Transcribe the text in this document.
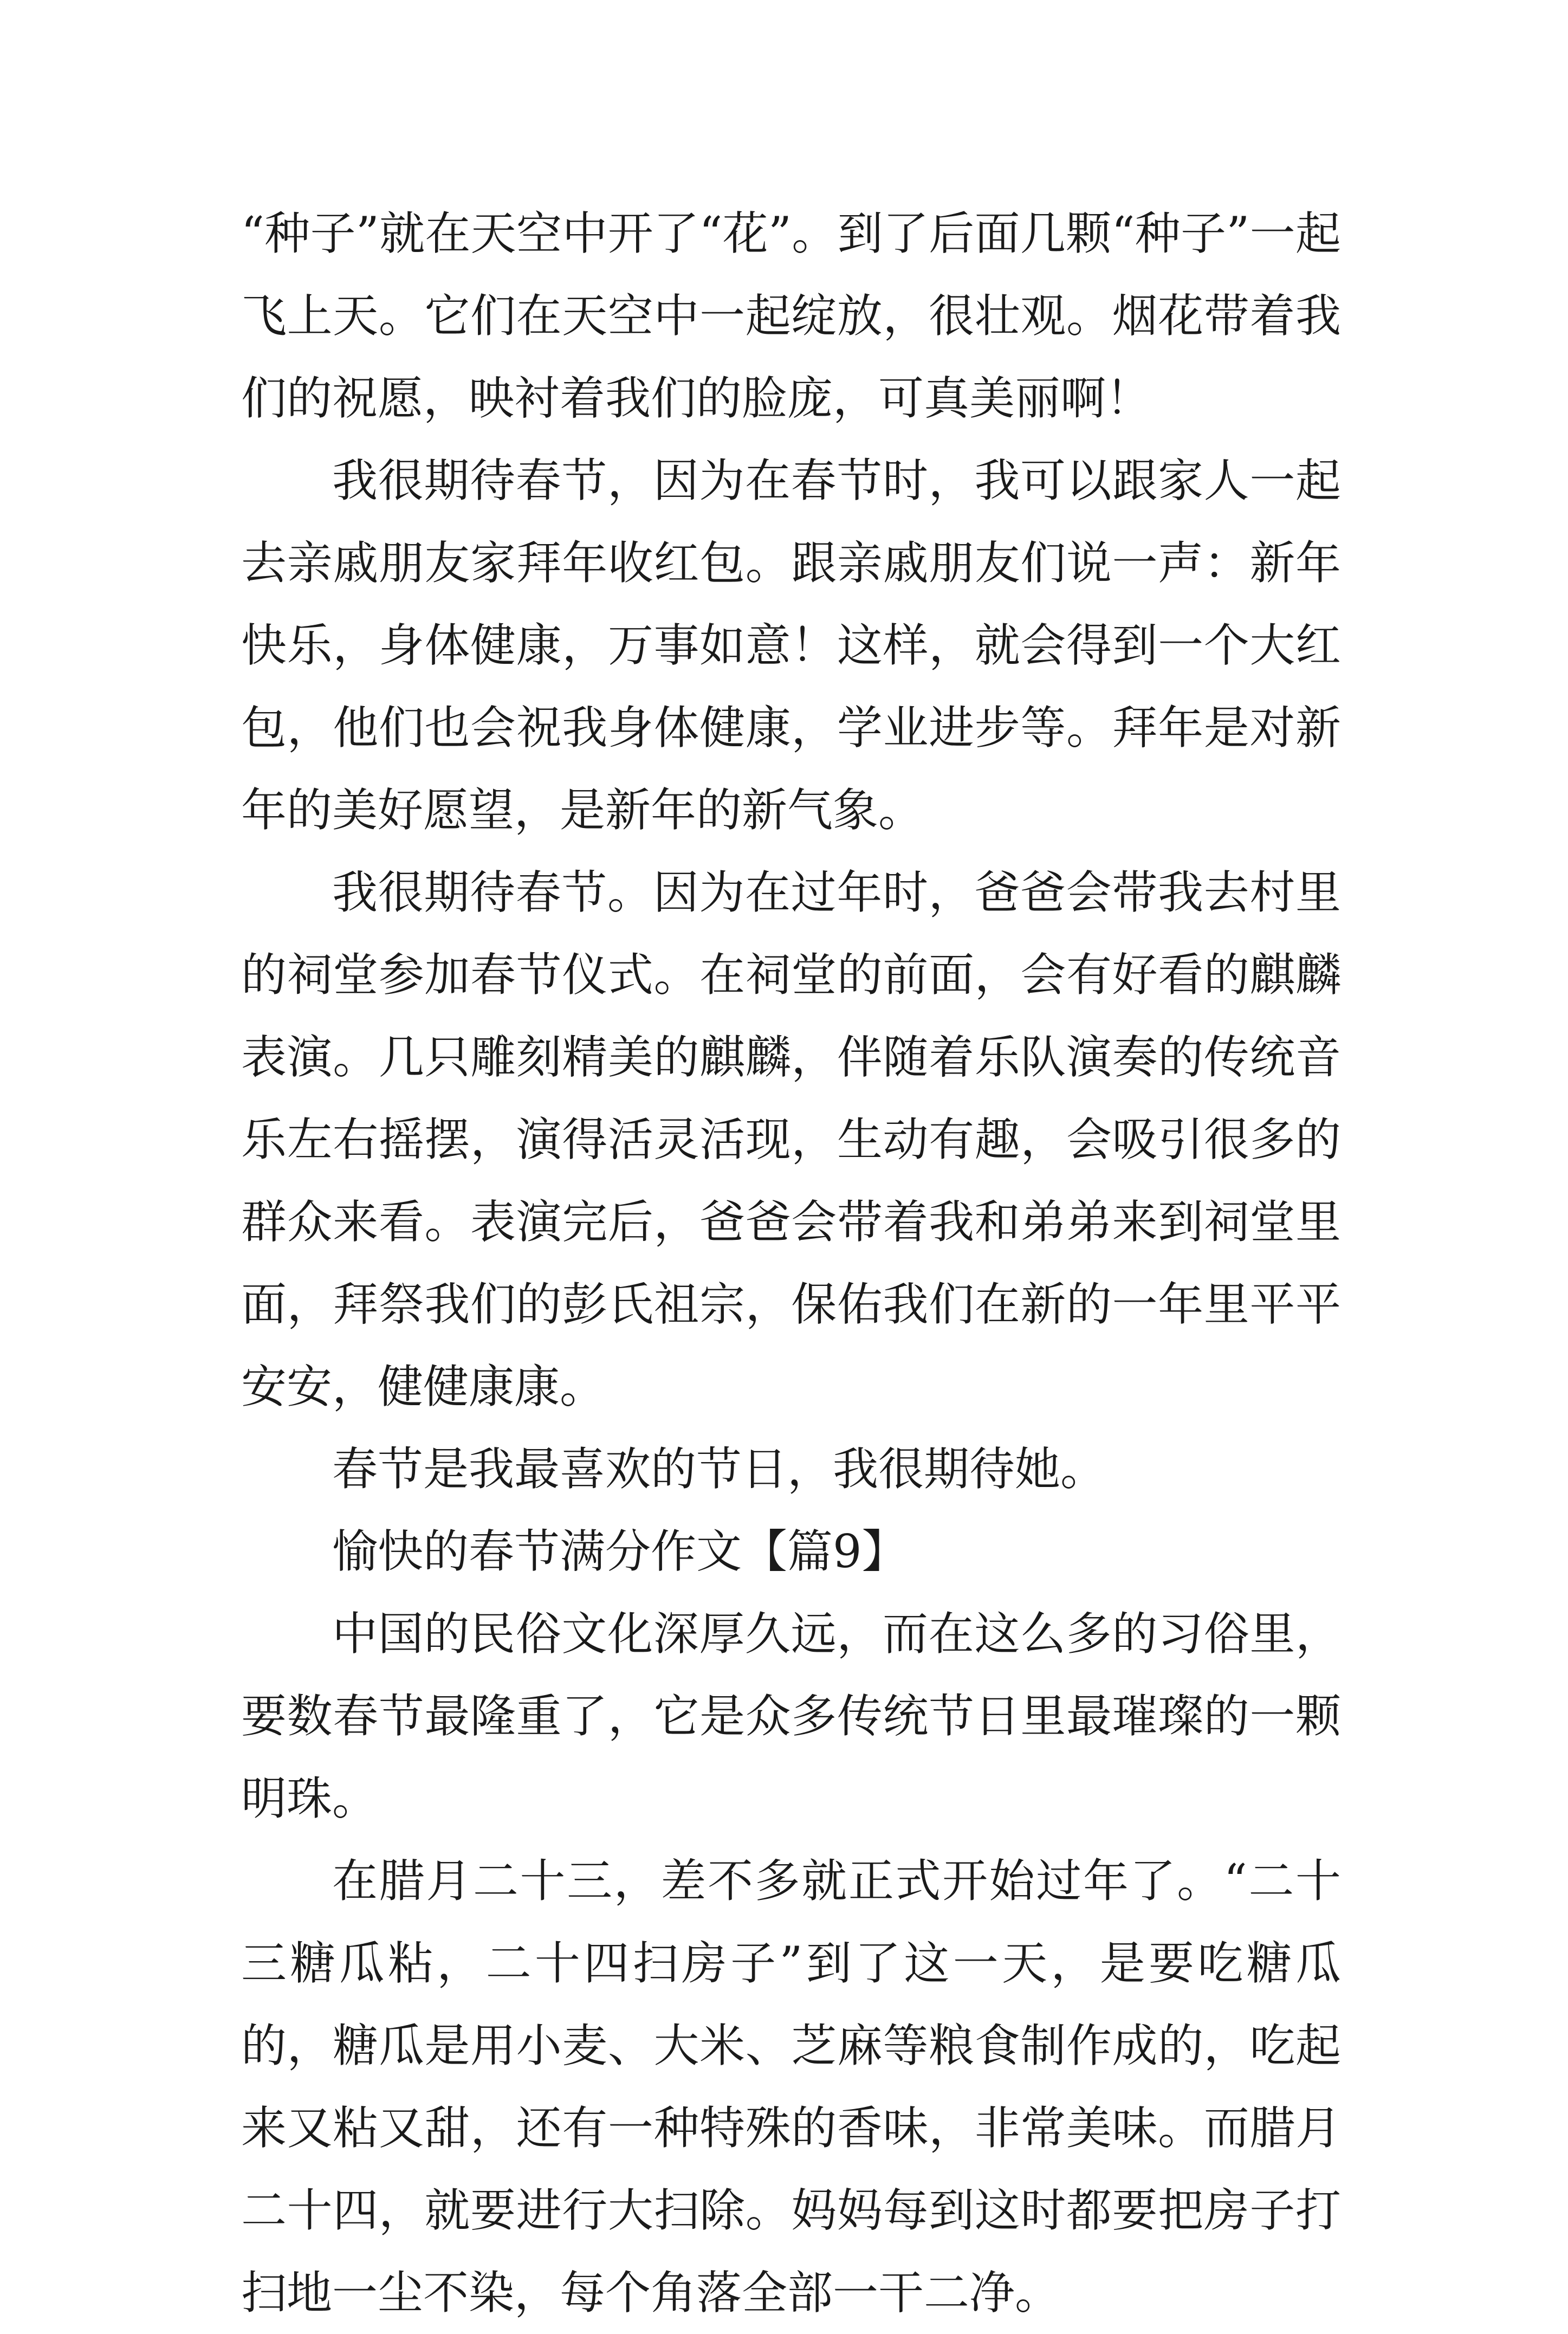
“种子”就在天空中开了“花”。到了后面几颗“种子”一起飞上天。它们在天空中一起绽放，很壮观。烟花带着我们的祝愿，映衬着我们的脸庞，可真美丽啊！

我很期待春节，因为在春节时，我可以跟家人一起去亲戚朋友家拜年收红包。跟亲戚朋友们说一声：新年快乐，身体健康，万事如意！这样，就会得到一个大红包，他们也会祝我身体健康，学业进步等。拜年是对新年的美好愿望，是新年的新气象。

我很期待春节。因为在过年时，爸爸会带我去村里的祠堂参加春节仪式。在祠堂的前面，会有好看的麒麟表演。几只雕刻精美的麒麟，伴随着乐队演奏的传统音乐左右摇摆，演得活灵活现，生动有趣，会吸引很多的群众来看。表演完后，爸爸会带着我和弟弟来到祠堂里面，拜祭我们的彭氏祖宗，保佑我们在新的一年里平平安安，健健康康。

春节是我最喜欢的节日，我很期待她。

愉快的春节满分作文【篇9】

中国的民俗文化深厚久远，而在这么多的习俗里，要数春节最隆重了，它是众多传统节日里最璀璨的一颗明珠。

在腊月二十三，差不多就正式开始过年了。“二十三糖瓜粘，二十四扫房子”到了这一天，是要吃糖瓜的，糖瓜是用小麦、大米、芝麻等粮食制作成的，吃起来又粘又甜，还有一种特殊的香味，非常美味。而腊月二十四，就要进行大扫除。妈妈每到这时都要把房子打扫地一尘不染，每个角落全部一干二净。
